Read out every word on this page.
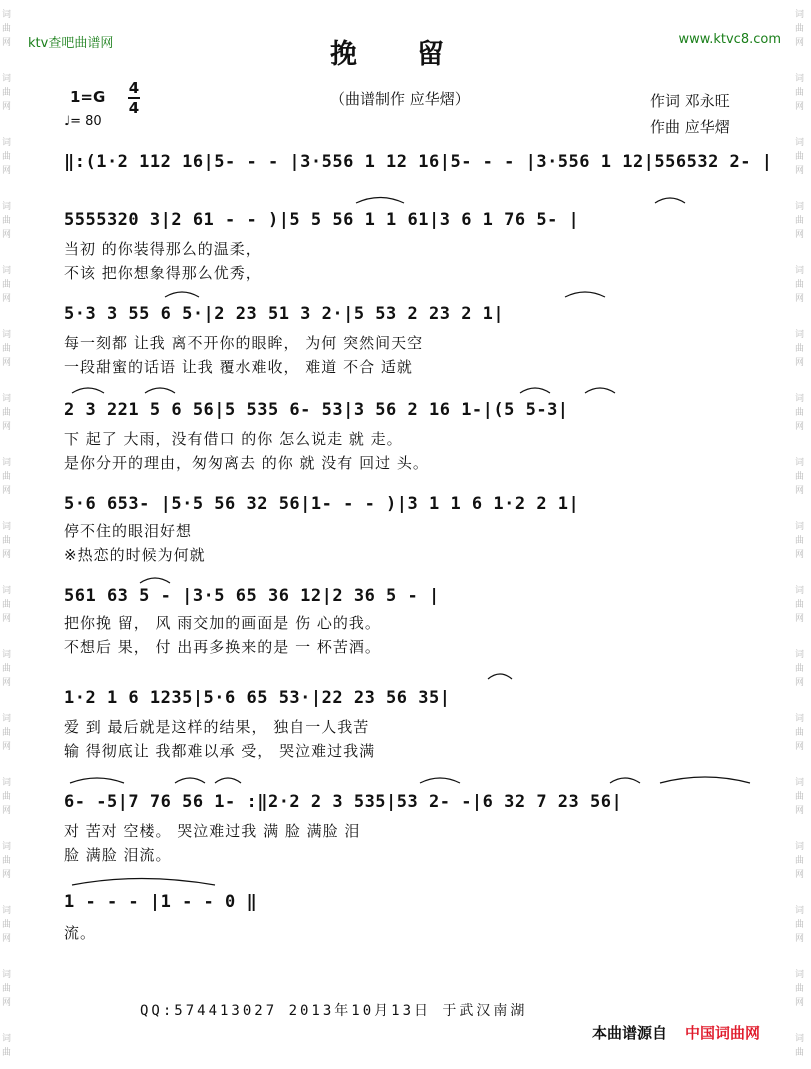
词
曲
网
词
曲
网
词
曲
网
词
曲
网
词
曲
网
词
曲
网
词
曲
网
词
曲
网
词
曲
网
词
曲
网
词
曲
网
词
曲
网
词
曲
网
词
曲
网
词
曲
网
词
曲
网
词
曲
词
曲
网
词
曲
网
词
曲
网
词
曲
网
词
曲
网
词
曲
网
词
曲
网
词
曲
网
词
曲
网
词
曲
网
词
曲
网
词
曲
网
词
曲
网
词
曲
网
词
曲
网
词
曲
网
词
曲
ktv查吧曲谱网	www.ktvc8.com
挽留
（曲谱制作 应华熠）	作词 邓永旺
作曲 应华熠
1=G 4
4
♩= 80
‖:(1·2 112 16|5- - - |3·556 1 12 16|5- - - |3·556 1 12|556532 2- |
5555320 3|2 61 - - )|5 5 56 1 1 61|3 6 1 76 5- |
当初 的你装得那么的温柔，
不该 把你想象得那么优秀，
5·3 3 55 6 5·|2 23 51 3 2·|5 53 2 23 2 1|
每一刻都 让我 离不开你的眼眸， 为何 突然间天空
一段甜蜜的话语 让我 覆水难收， 难道 不合 适就
2 3 221 5 6 56|5 535 6- 53|3 56 2 16 1-|(5 5-3|
下 起了 大雨，没有借口 的你 怎么说走 就 走。
是你分开的理由，匆匆离去 的你 就 没有 回过 头。
5·6 653- |5·5 56 32 56|1- - - )|3 1 1 6 1·2 2 1|
停不住的眼泪好想
※热恋的时候为何就
561 63 5 - |3·5 65 36 12|2 36 5 - |
把你挽 留， 风 雨交加的画面是 伤 心的我。
不想后 果， 付 出再多换来的是 一 杯苦酒。
1·2 1 6 1235|5·6 65 53·|22 23 56 35|
爱 到 最后就是这样的结果， 独自一人我苦
输 得彻底让 我都难以承 受， 哭泣难过我满
6- -5|7 76 56 1- :‖2·2 2 3 535|53 2- -|6 32 7 23 56|
对 苦对 空楼。 哭泣难过我 满 脸 满脸 泪
脸 满脸 泪流。
1 - - - |1 - - 0 ‖
流。
QQ:574413027 2013年10月13日 于武汉南湖
本曲谱源自 中国词曲网
